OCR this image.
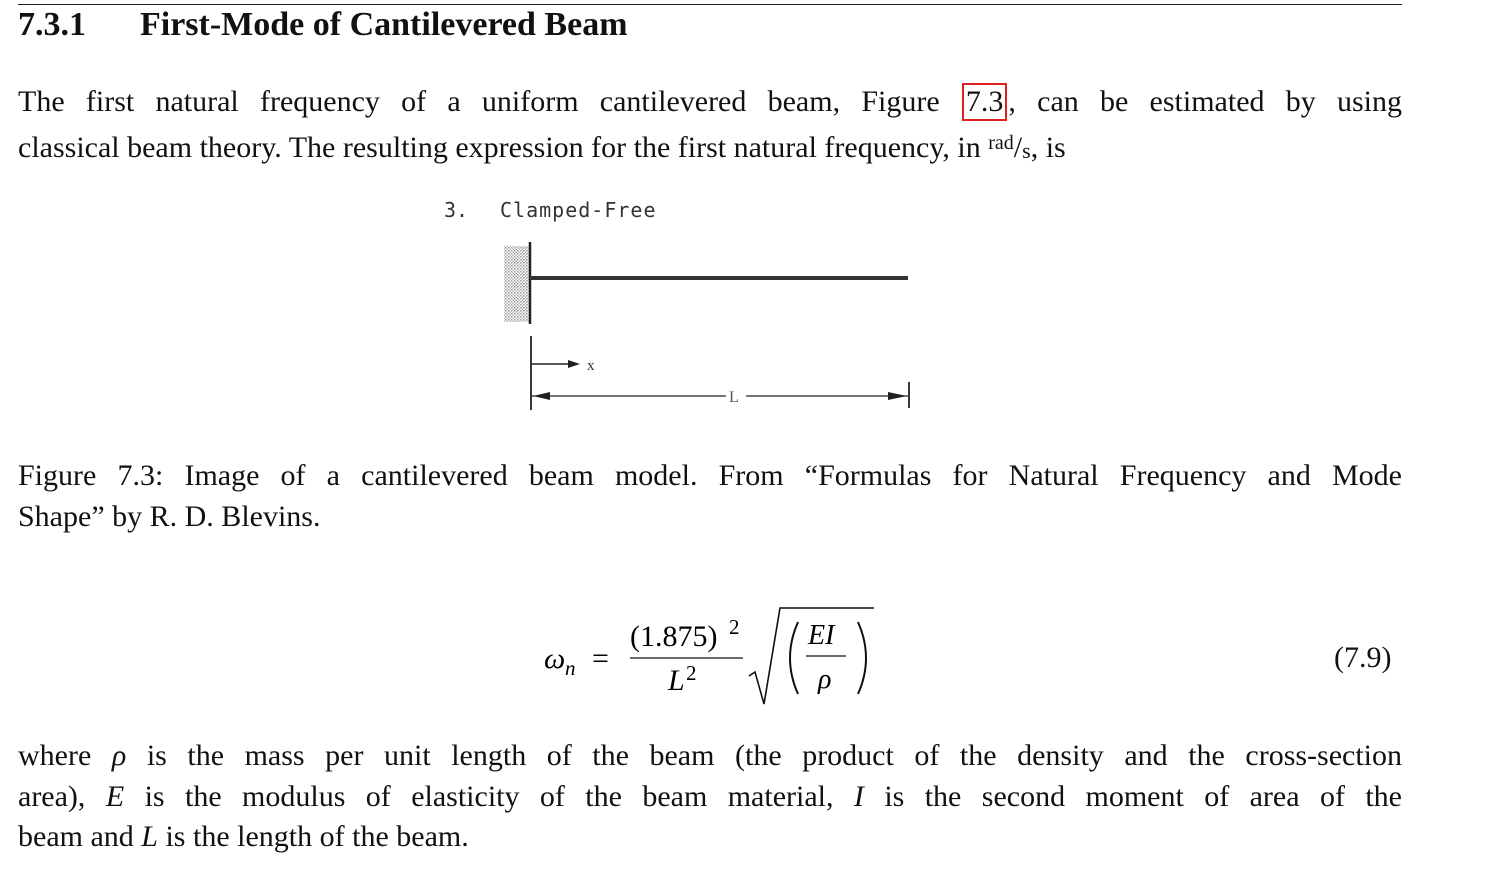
7.3.1 First-Mode of Cantilevered Beam
The first natural frequency of a uniform cantilevered beam, Figure 7.3 , can be estimated by using
classical beam theory. The resulting expression for the first natural frequency, in $^{rad}/_s$, is
3. Clamped-Free
x
L
Figure 7.3: Image of a cantilevered beam model. From “Formulas for Natural Frequency and Mode
Shape” by R. D. Blevins.
ω n =
(1.875) 2
L 2
EI
ρ
(7.9)
where ρ is the mass per unit length of the beam (the product of the density and the cross-section
area), E is the modulus of elasticity of the beam material, I is the second moment of area of the
beam and L is the length of the beam.
